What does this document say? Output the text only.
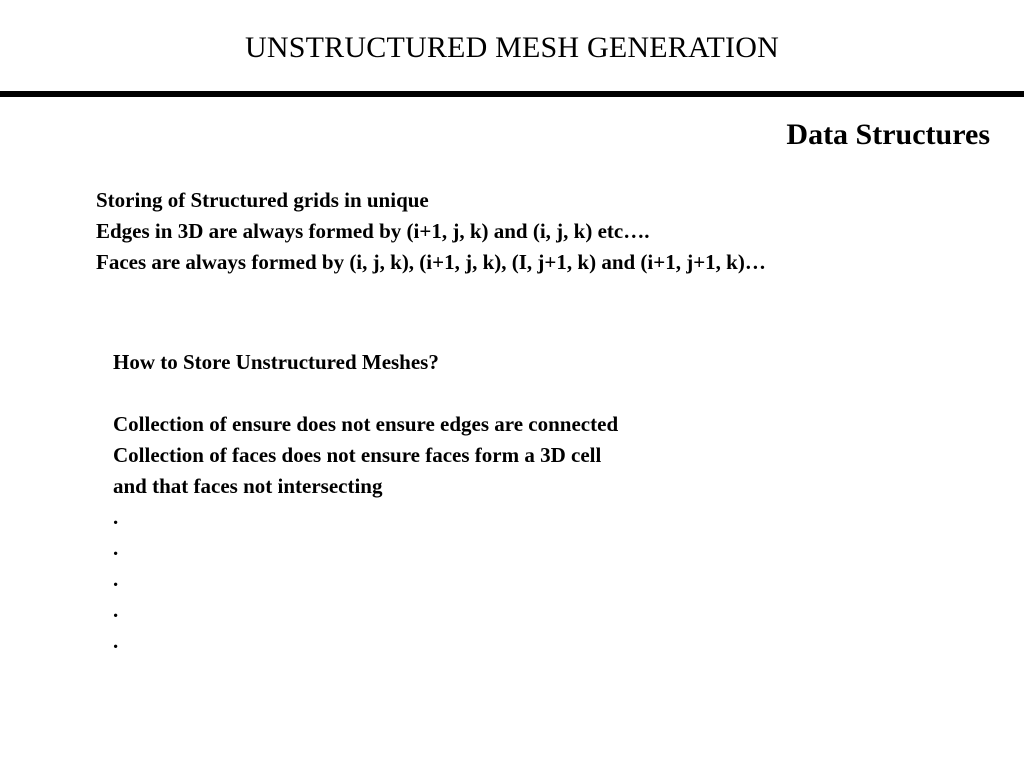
UNSTRUCTURED MESH GENERATION
Data Structures
Storing of Structured grids in unique
Edges in 3D are always formed by (i+1, j, k) and (i, j, k) etc….
Faces are always formed by (i, j, k), (i+1, j, k), (I, j+1, k) and (i+1, j+1, k)…
How to Store Unstructured Meshes?
Collection of ensure does not ensure edges are connected
Collection of faces does not ensure faces form a 3D cell
and that faces not intersecting
.
.
.
.
.
